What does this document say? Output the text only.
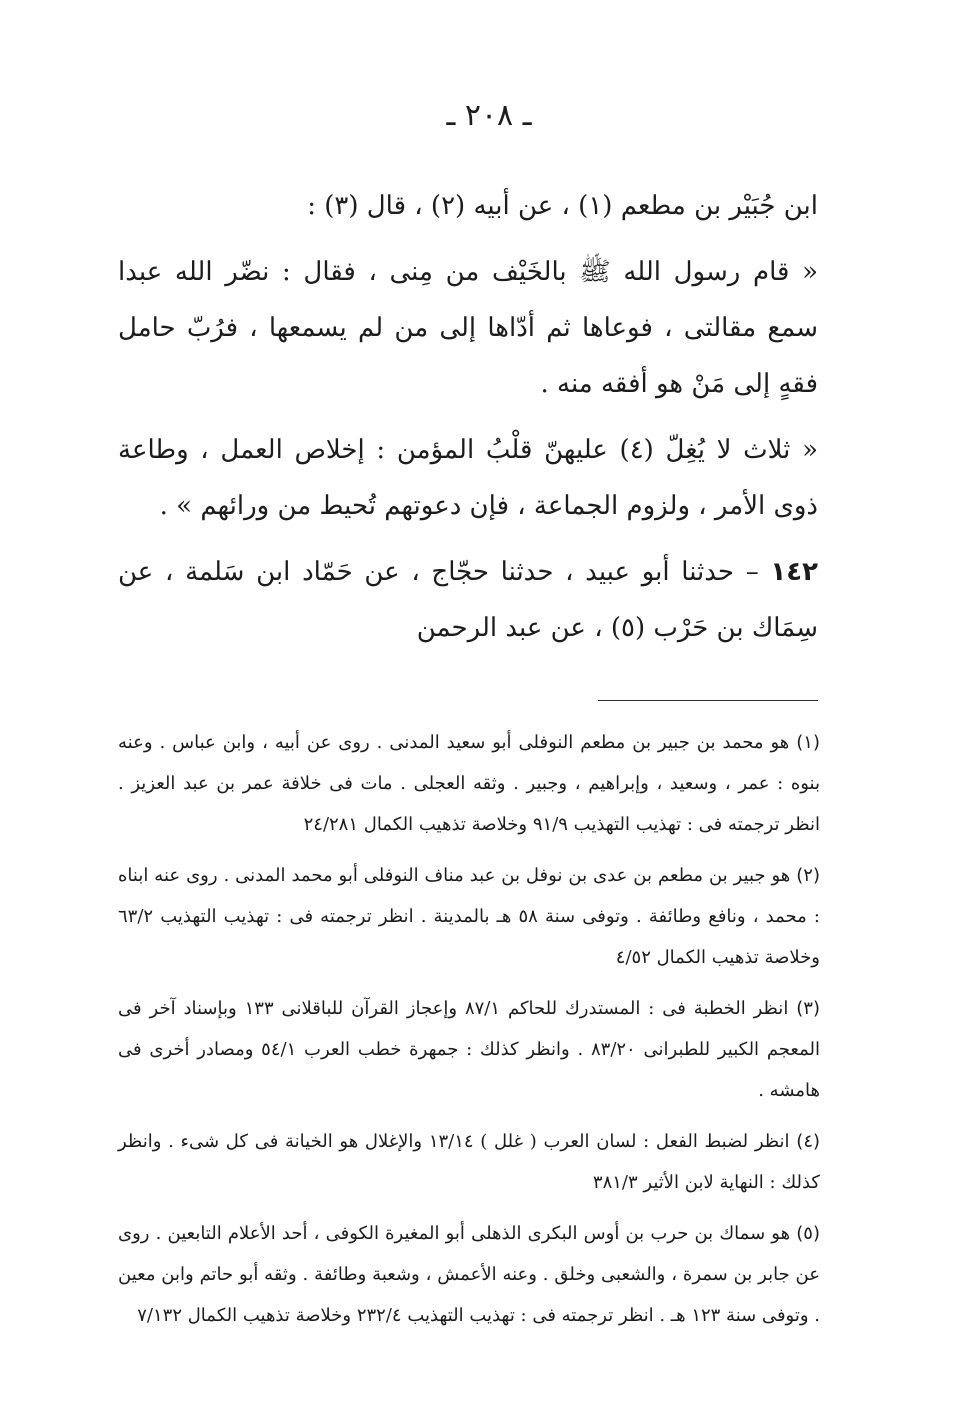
ـ ٢٠٨ ـ

ابن جُبَيْر بن مطعم (١) ، عن أبيه (٢) ، قال (٣) :

« قام رسول الله ﷺ بالخَيْف من مِنى ، فقال : نضّر الله عبدا سمع مقالتى ، فوعاها ثم أدّاها إلى من لم يسمعها ، فرُبّ حامل فقهٍ إلى مَنْ هو أفقه منه .

« ثلاث لا يُغِلّ (٤) عليهنّ قلْبُ المؤمن : إخلاص العمل ، وطاعة ذوى الأمر ، ولزوم الجماعة ، فإن دعوتهم تُحيط من ورائهم » .

١٤٢ – حدثنا أبو عبيد ، حدثنا حجّاج ، عن حَمّاد ابن سَلمة ، عن سِمَاك بن حَرْب (٥) ، عن عبد الرحمن

(١) هو محمد بن جبير بن مطعم النوفلى أبو سعيد المدنى . روى عن أبيه ، وابن عباس . وعنه بنوه : عمر ، وسعيد ، وإبراهيم ، وجبير . وثقه العجلى . مات فى خلافة عمر بن عبد العزيز . انظر ترجمته فى : تهذيب التهذيب ٩١/٩ وخلاصة تذهيب الكمال ٢٤/٢٨١

(٢) هو جبير بن مطعم بن عدى بن نوفل بن عبد مناف النوفلى أبو محمد المدنى . روى عنه ابناه : محمد ، ونافع وطائفة . وتوفى سنة ٥٨ هـ بالمدينة . انظر ترجمته فى : تهذيب التهذيب ٦٣/٢ وخلاصة تذهيب الكمال ٤/٥٢

(٣) انظر الخطبة فى : المستدرك للحاكم ٨٧/١ وإعجاز القرآن للباقلانى ١٣٣ وبإسناد آخر فى المعجم الكبير للطبرانى ٨٣/٢٠ . وانظر كذلك : جمهرة خطب العرب ٥٤/١ ومصادر أخرى فى هامشه .

(٤) انظر لضبط الفعل : لسان العرب ( غلل ) ١٣/١٤ والإغلال هو الخيانة فى كل شىء . وانظر كذلك : النهاية لابن الأثير ٣٨١/٣

(٥) هو سماك بن حرب بن أوس البكرى الذهلى أبو المغيرة الكوفى ، أحد الأعلام التابعين . روى عن جابر بن سمرة ، والشعبى وخلق . وعنه الأعمش ، وشعبة وطائفة . وثقه أبو حاتم وابن معين . وتوفى سنة ١٢٣ هـ . انظر ترجمته فى : تهذيب التهذيب ٢٣٢/٤ وخلاصة تذهيب الكمال ٧/١٣٢
